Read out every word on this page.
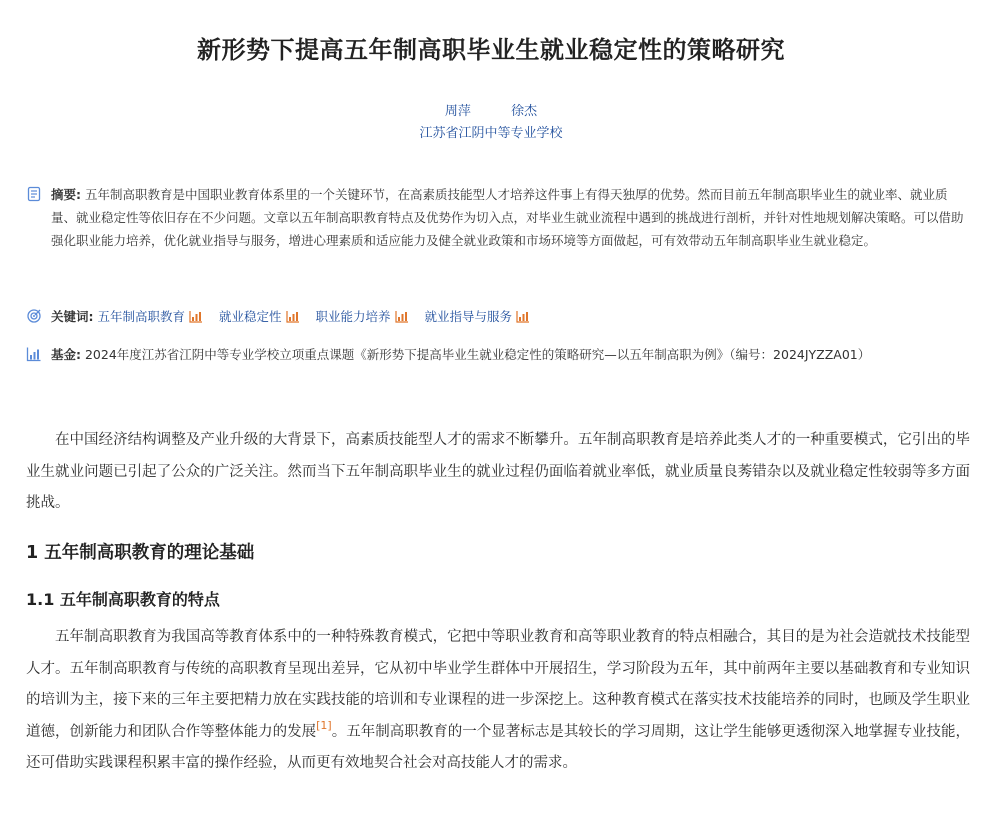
新形势下提高五年制高职毕业生就业稳定性的策略研究
周萍	徐杰
江苏省江阴中等专业学校
摘要: 五年制高职教育是中国职业教育体系里的一个关键环节，在高素质技能型人才培养这件事上有得天独厚的优势。然而目前五年制高职毕业生的就业率、就业质量、就业稳定性等依旧存在不少问题。文章以五年制高职教育特点及优势作为切入点，对毕业生就业流程中遇到的挑战进行剖析，并针对性地规划解决策略。可以借助强化职业能力培养，优化就业指导与服务，增进心理素质和适应能力及健全就业政策和市场环境等方面做起，可有效带动五年制高职毕业生就业稳定。
关键词: 五年制高职教育	就业稳定性	职业能力培养	就业指导与服务
基金: 2024年度江苏省江阴中等专业学校立项重点课题《新形势下提高毕业生就业稳定性的策略研究—以五年制高职为例》（编号：2024JYZZA01）
在中国经济结构调整及产业升级的大背景下，高素质技能型人才的需求不断攀升。五年制高职教育是培养此类人才的一种重要模式，它引出的毕业生就业问题已引起了公众的广泛关注。然而当下五年制高职毕业生的就业过程仍面临着就业率低，就业质量良莠错杂以及就业稳定性较弱等多方面挑战。
1 五年制高职教育的理论基础
1.1 五年制高职教育的特点
五年制高职教育为我国高等教育体系中的一种特殊教育模式，它把中等职业教育和高等职业教育的特点相融合，其目的是为社会造就技术技能型人才。五年制高职教育与传统的高职教育呈现出差异，它从初中毕业学生群体中开展招生，学习阶段为五年，其中前两年主要以基础教育和专业知识的培训为主，接下来的三年主要把精力放在实践技能的培训和专业课程的进一步深挖上。这种教育模式在落实技术技能培养的同时，也顾及学生职业道德，创新能力和团队合作等整体能力的发展[1]。五年制高职教育的一个显著标志是其较长的学习周期，这让学生能够更透彻深入地掌握专业技能，还可借助实践课程积累丰富的操作经验，从而更有效地契合社会对高技能人才的需求。
